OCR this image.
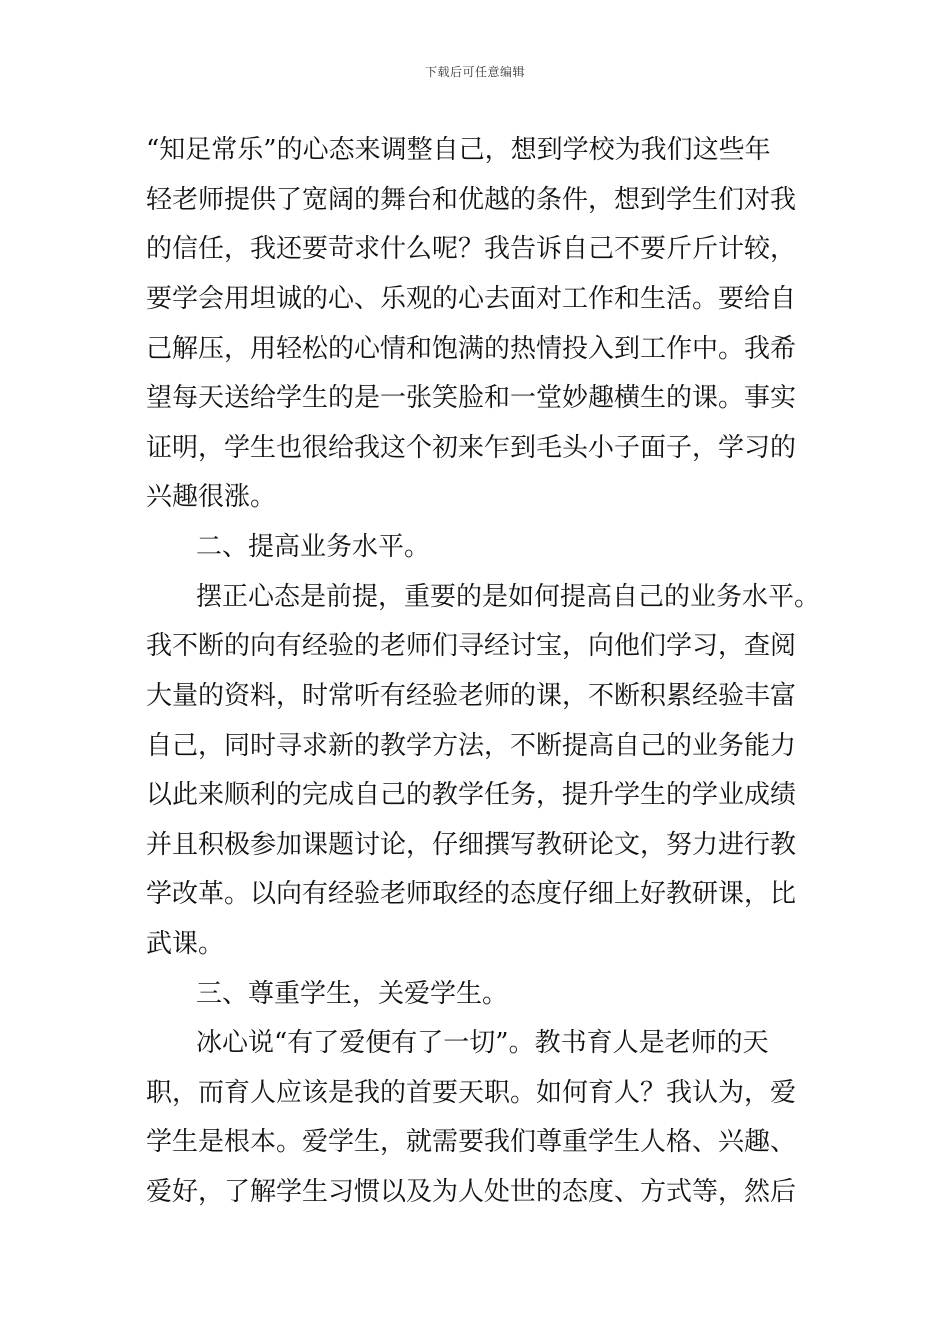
下载后可任意编辑
“知足常乐”的心态来调整自己，想到学校为我们这些年
轻老师提供了宽阔的舞台和优越的条件，想到学生们对我
的信任，我还要苛求什么呢？我告诉自己不要斤斤计较，
要学会用坦诚的心、乐观的心去面对工作和生活。要给自
己解压，用轻松的心情和饱满的热情投入到工作中。我希
望每天送给学生的是一张笑脸和一堂妙趣横生的课。事实
证明，学生也很给我这个初来乍到毛头小子面子，学习的
兴趣很涨。
二、提高业务水平。
摆正心态是前提，重要的是如何提高自己的业务水平。
我不断的向有经验的老师们寻经讨宝，向他们学习，查阅
大量的资料，时常听有经验老师的课，不断积累经验丰富
自己，同时寻求新的教学方法，不断提高自己的业务能力
以此来顺利的完成自己的教学任务，提升学生的学业成绩
并且积极参加课题讨论，仔细撰写教研论文，努力进行教
学改革。以向有经验老师取经的态度仔细上好教研课，比
武课。
三、尊重学生，关爱学生。
冰心说“有了爱便有了一切”。教书育人是老师的天
职，而育人应该是我的首要天职。如何育人？我认为，爱
学生是根本。爱学生，就需要我们尊重学生人格、兴趣、
爱好，了解学生习惯以及为人处世的态度、方式等，然后
